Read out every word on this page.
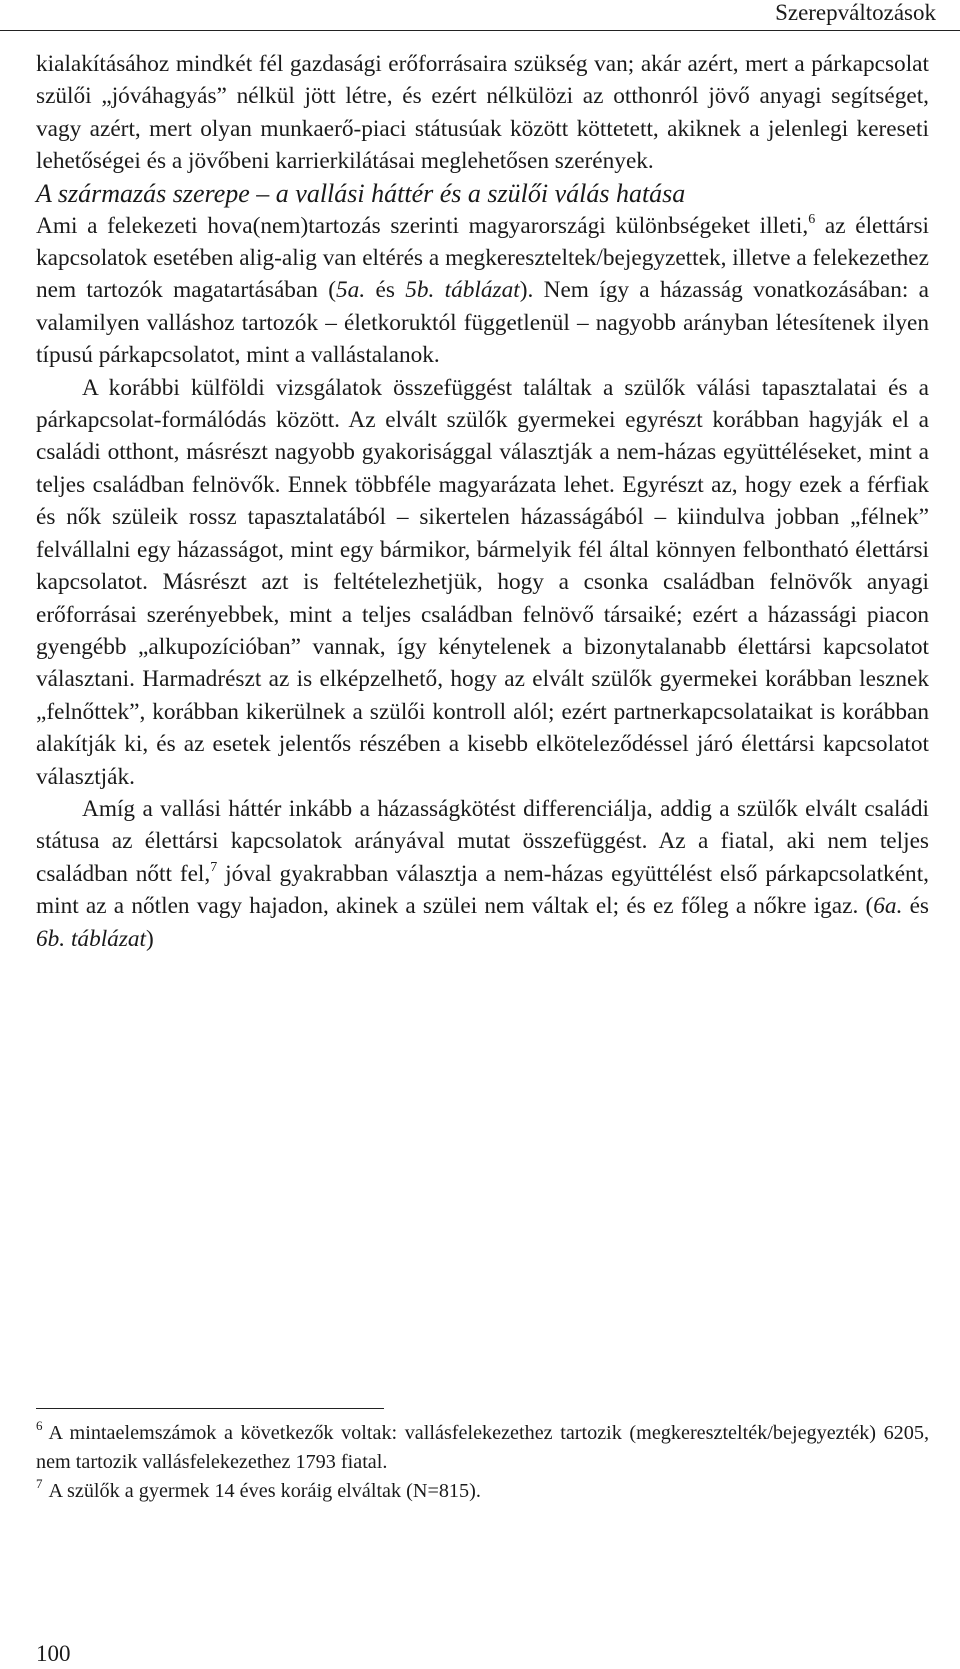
Szerepváltozások

kialakításához mindkét fél gazdasági erőforrásaira szükség van; akár azért, mert a párkapcsolat szülői „jóváhagyás” nélkül jött létre, és ezért nélkülözi az otthonról jövő anyagi segítséget, vagy azért, mert olyan munkaerő-piaci státusúak között köttetett, akiknek a jelenlegi kereseti lehetőségei és a jövőbeni karrierkilátásai meglehetősen szerények.

A származás szerepe – a vallási háttér és a szülői válás hatása

Ami a felekezeti hova(nem)tartozás szerinti magyarországi különbségeket illeti,$^6$ az élettársi kapcsolatok esetében alig-alig van eltérés a megkereszteltek/bejegyzettek, illetve a felekezethez nem tartozók magatartásában (5a. és 5b. táblázat). Nem így a házasság vonatkozásában: a valamilyen valláshoz tartozók – életkoruktól függetlenül – nagyobb arányban létesítenek ilyen típusú párkapcsolatot, mint a vallástalanok.

A korábbi külföldi vizsgálatok összefüggést találtak a szülők válási tapasztalatai és a párkapcsolat-formálódás között. Az elvált szülők gyermekei egyrészt korábban hagyják el a családi otthont, másrészt nagyobb gyakorisággal választják a nem-házas együttéléseket, mint a teljes családban felnövők. Ennek többféle magyarázata lehet. Egyrészt az, hogy ezek a férfiak és nők szüleik rossz tapasztalatából – sikertelen házasságából – kiindulva jobban „félnek” felvállalni egy házasságot, mint egy bármikor, bármelyik fél által könnyen felbontható élettársi kapcsolatot. Másrészt azt is feltételezhetjük, hogy a csonka családban felnövők anyagi erőforrásai szerényebbek, mint a teljes családban felnövő társaiké; ezért a házassági piacon gyengébb „alkupozícióban” vannak, így kénytelenek a bizonytalanabb élettársi kapcsolatot választani. Harmadrészt az is elképzelhető, hogy az elvált szülők gyermekei korábban lesznek „felnőttek”, korábban kikerülnek a szülői kontroll alól; ezért partnerkapcsolataikat is korábban alakítják ki, és az esetek jelentős részében a kisebb elköteleződéssel járó élettársi kapcsolatot választják.

Amíg a vallási háttér inkább a házasságkötést differenciálja, addig a szülők elvált családi státusa az élettársi kapcsolatok arányával mutat összefüggést. Az a fiatal, aki nem teljes családban nőtt fel,$^7$ jóval gyakrabban választja a nem-házas együttélést első párkapcsolatként, mint az a nőtlen vagy hajadon, akinek a szülei nem váltak el; és ez főleg a nőkre igaz. (6a. és 6b. táblázat)

$^6$ A mintaelemszámok a következők voltak: vallásfelekezethez tartozik (megkeresztelték/bejegyezték) 6205, nem tartozik vallásfelekezethez 1793 fiatal.

$^7$ A szülők a gyermek 14 éves koráig elváltak (N=815).

100
